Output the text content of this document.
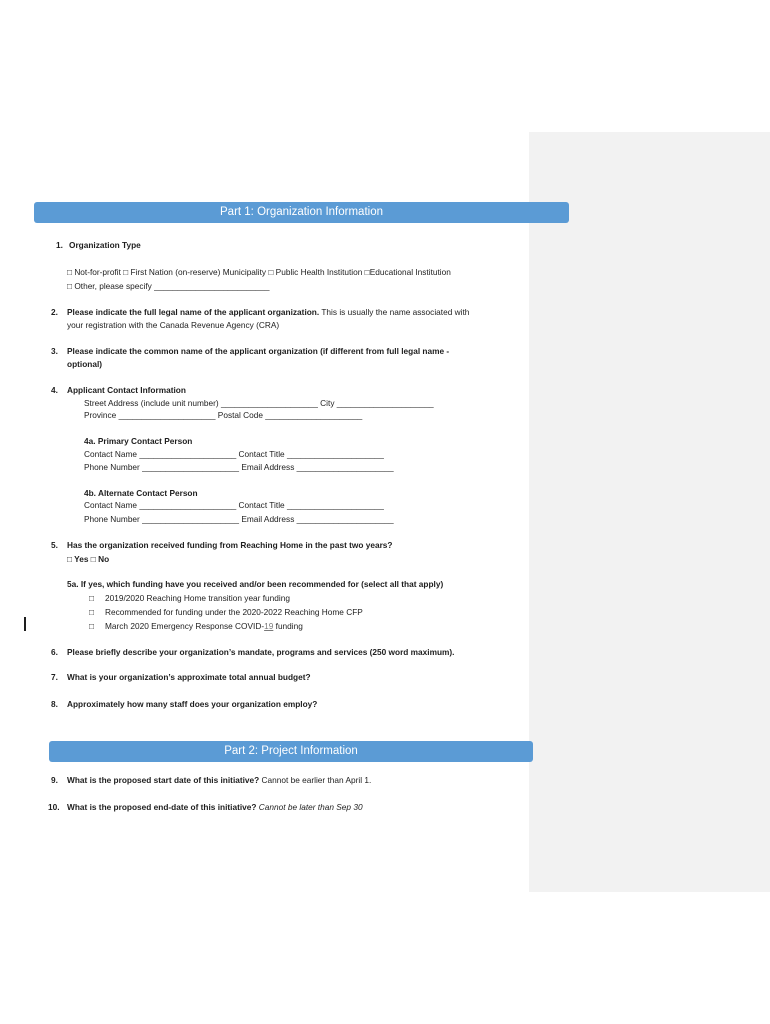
Part 1: Organization Information
1. Organization Type
□ Not-for-profit □ First Nation (on-reserve) Municipality □ Public Health Institution □Educational Institution
□ Other, please specify _________________________
2. Please indicate the full legal name of the applicant organization. This is usually the name associated with
your registration with the Canada Revenue Agency (CRA)
3. Please indicate the common name of the applicant organization (if different from full legal name -
optional)
4. Applicant Contact Information
Street Address (include unit number) _____________________ City _____________________
Province _____________________ Postal Code _____________________
4a. Primary Contact Person
Contact Name _____________________ Contact Title _____________________
Phone Number _____________________ Email Address _____________________
4b. Alternate Contact Person
Contact Name _____________________ Contact Title _____________________
Phone Number _____________________ Email Address _____________________
5. Has the organization received funding from Reaching Home in the past two years?
□ Yes □ No
5a. If yes, which funding have you received and/or been recommended for (select all that apply)
□ 2019/2020 Reaching Home transition year funding
□ Recommended for funding under the 2020-2022 Reaching Home CFP
□ March 2020 Emergency Response COVID-19 funding
6. Please briefly describe your organization’s mandate, programs and services (250 word maximum).
7. What is your organization’s approximate total annual budget?
8. Approximately how many staff does your organization employ?
Part 2: Project Information
9. What is the proposed start date of this initiative? Cannot be earlier than April 1.
10. What is the proposed end-date of this initiative? Cannot be later than Sep 30
